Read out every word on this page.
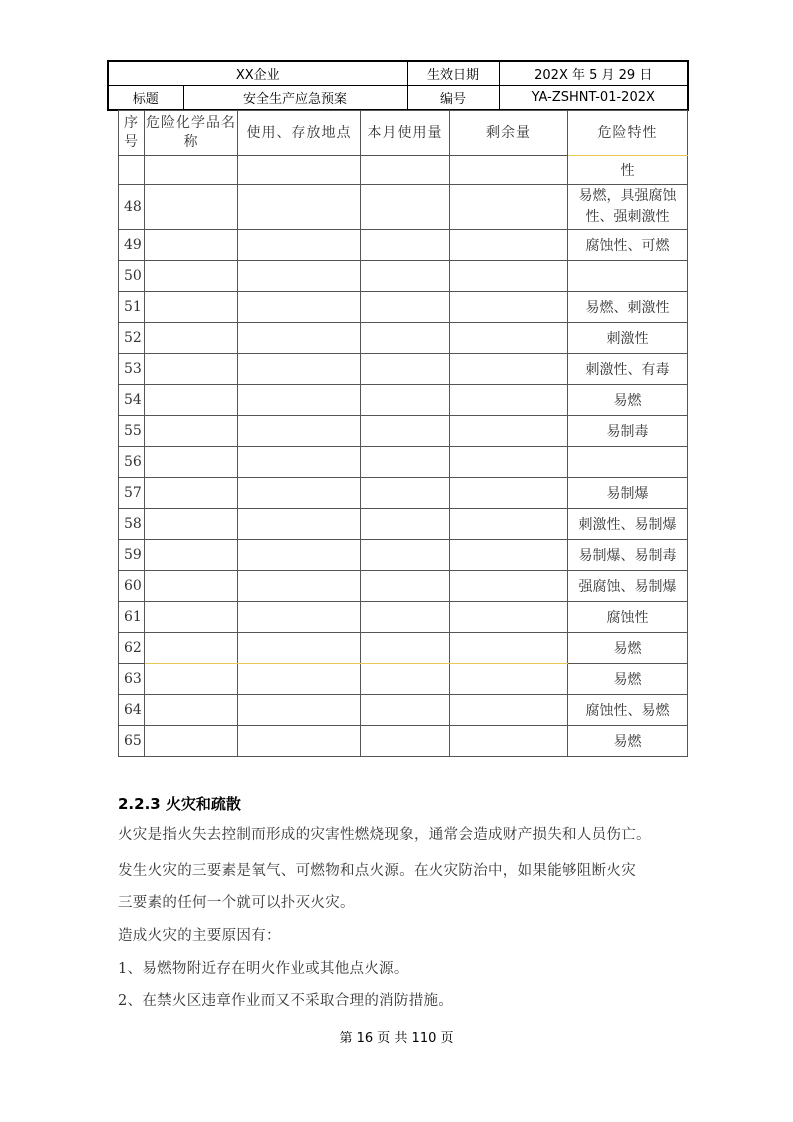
XX企业		生效日期	202X 年 5 月 29 日
标题	安全生产应急预案	编号	YA-ZSHNT-01-202X
序号	危险化学品名称	使用、存放地点	本月使用量	剩余量	危险特性
					性
48					易燃，具强腐蚀性、强刺激性
49					腐蚀性、可燃
50					
51					易燃、刺激性
52					刺激性
53					刺激性、有毒
54					易燃
55					易制毒
56					
57					易制爆
58					刺激性、易制爆
59					易制爆、易制毒
60					强腐蚀、易制爆
61					腐蚀性
62					易燃
63					易燃
64					腐蚀性、易燃
65					易燃
2.2.3 火灾和疏散

火灾是指火失去控制而形成的灾害性燃烧现象，通常会造成财产损失和人员伤亡。

发生火灾的三要素是氧气、可燃物和点火源。在火灾防治中，如果能够阻断火灾

三要素的任何一个就可以扑灭火灾。

造成火灾的主要原因有：

1、易燃物附近存在明火作业或其他点火源。

2、在禁火区违章作业而又不采取合理的消防措施。

第 16 页 共 110 页
